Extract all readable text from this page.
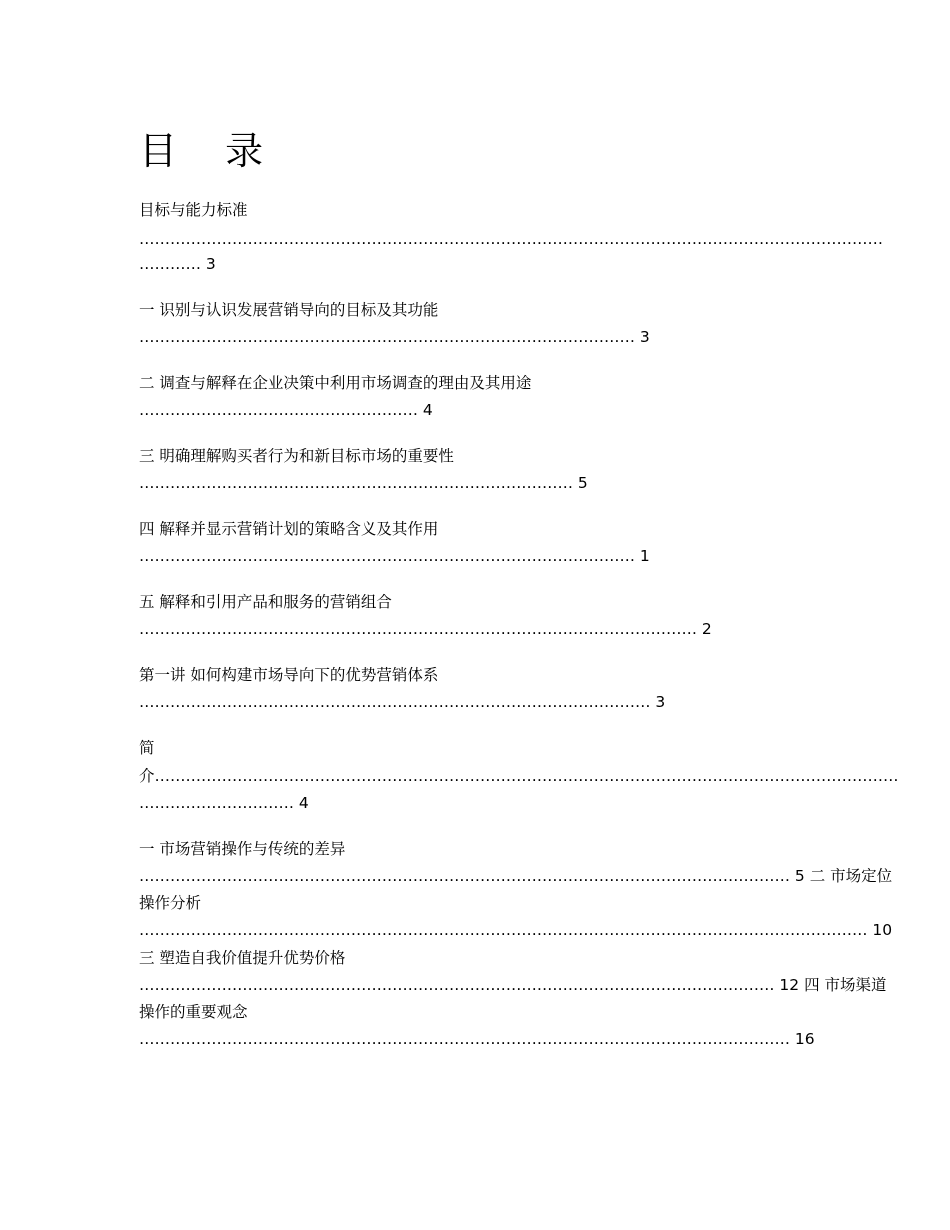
目 录
目标与能力标准
………………………………………………………………………………………………………………………………
………… 3
一 识别与认识发展营销导向的目标及其功能
…………………………………………………………………………………… 3
二 调查与解释在企业决策中利用市场调查的理由及其用途
……………………………………………… 4
三 明确理解购买者行为和新目标市场的重要性
………………………………………………………………………… 5
四 解释并显示营销计划的策略含义及其作用
…………………………………………………………………………………… 1
五 解释和引用产品和服务的营销组合
……………………………………………………………………………………………… 2
第一讲 如何构建市场导向下的优势营销体系
……………………………………………………………………………………… 3
简
介………………………………………………………………………………………………………………………………
………………………… 4
一 市场营销操作与传统的差异
……………………………………………………………………………………………………………… 5 二 市场定位
操作分析
…………………………………………………………………………………………………………………………… 10
三 塑造自我价值提升优势价格
…………………………………………………………………………………………………………… 12 四 市场渠道
操作的重要观念
……………………………………………………………………………………………………………… 16
